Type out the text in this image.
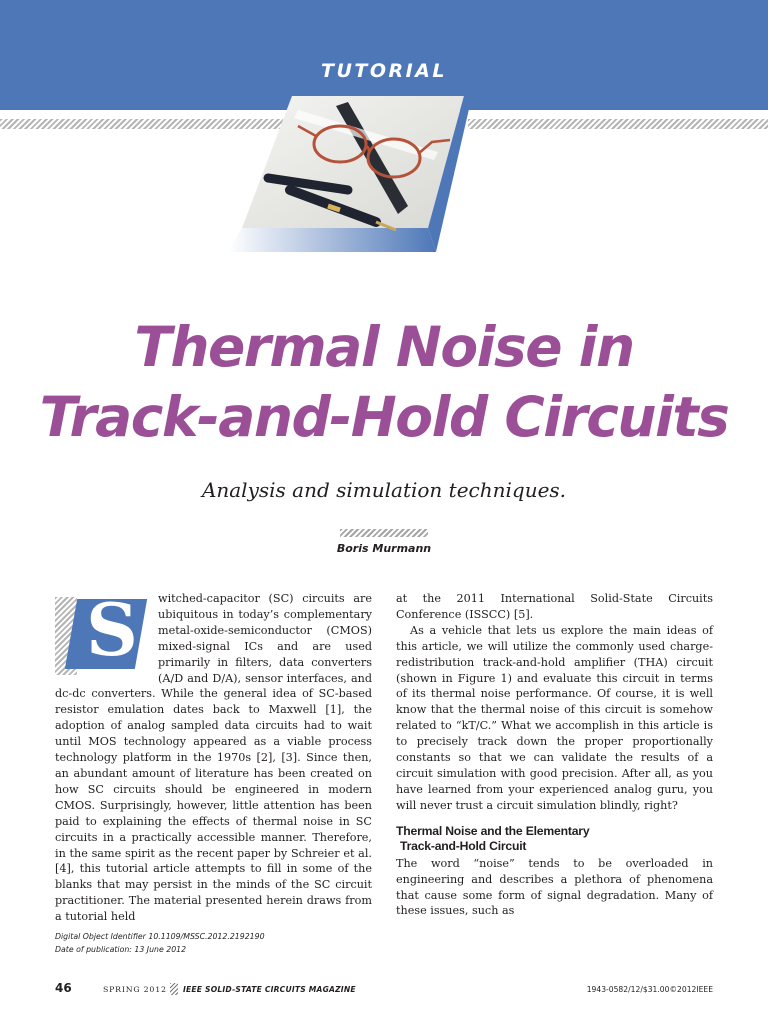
TUTORIAL
Thermal Noise in
Track-and-Hold Circuits
Analysis and simulation techniques.
Boris Murmann
S	witched-capacitor (SC) circuits are ubiquitous in today’s complementary metal-oxide-semiconductor (CMOS) mixed-signal ICs and are used primarily in filters, data converters (A/D and D/A), sensor interfaces, and dc-dc converters. While the general idea of SC-based resistor emulation dates back to Maxwell [1], the adoption of analog sampled data circuits had to wait until MOS technology appeared as a viable process technology platform in the 1970s [2], [3]. Since then, an abundant amount of literature has been created on how SC circuits should be engineered in modern CMOS. Surprisingly, however, little attention has been paid to explaining the effects of thermal noise in SC circuits in a practically accessible manner. Therefore, in the same spirit as the recent paper by Schreier et al. [4], this tutorial article attempts to fill in some of the blanks that may persist in the minds of the SC circuit practitioner. The material presented herein draws from a tutorial held

at the 2011 International Solid-State Circuits Conference (ISSCC) [5].

As a vehicle that lets us explore the main ideas of this article, we will utilize the commonly used charge-redistribution track-and-hold amplifier (THA) circuit (shown in Figure 1) and evaluate this circuit in terms of its thermal noise performance. Of course, it is well know that the thermal noise of this circuit is somehow related to “kT/C.” What we accomplish in this article is to precisely track down the proper proportionally constants so that we can validate the results of a circuit simulation with good precision. After all, as you have learned from your experienced analog guru, you will never trust a circuit simulation blindly, right?

Thermal Noise and the Elementary
Track-and-Hold Circuit

The word “noise” tends to be overloaded in engineering and describes a plethora of phenomena that cause some form of signal degradation. Many of these issues, such as

Digital Object Identifier 10.1109/MSSC.2012.2192190
Date of publication: 13 June 2012
46	SPRING 2012 IEEE SOLID-STATE CIRCUITS MAGAZINE	1943-0582/12/$31.00©2012IEEE
